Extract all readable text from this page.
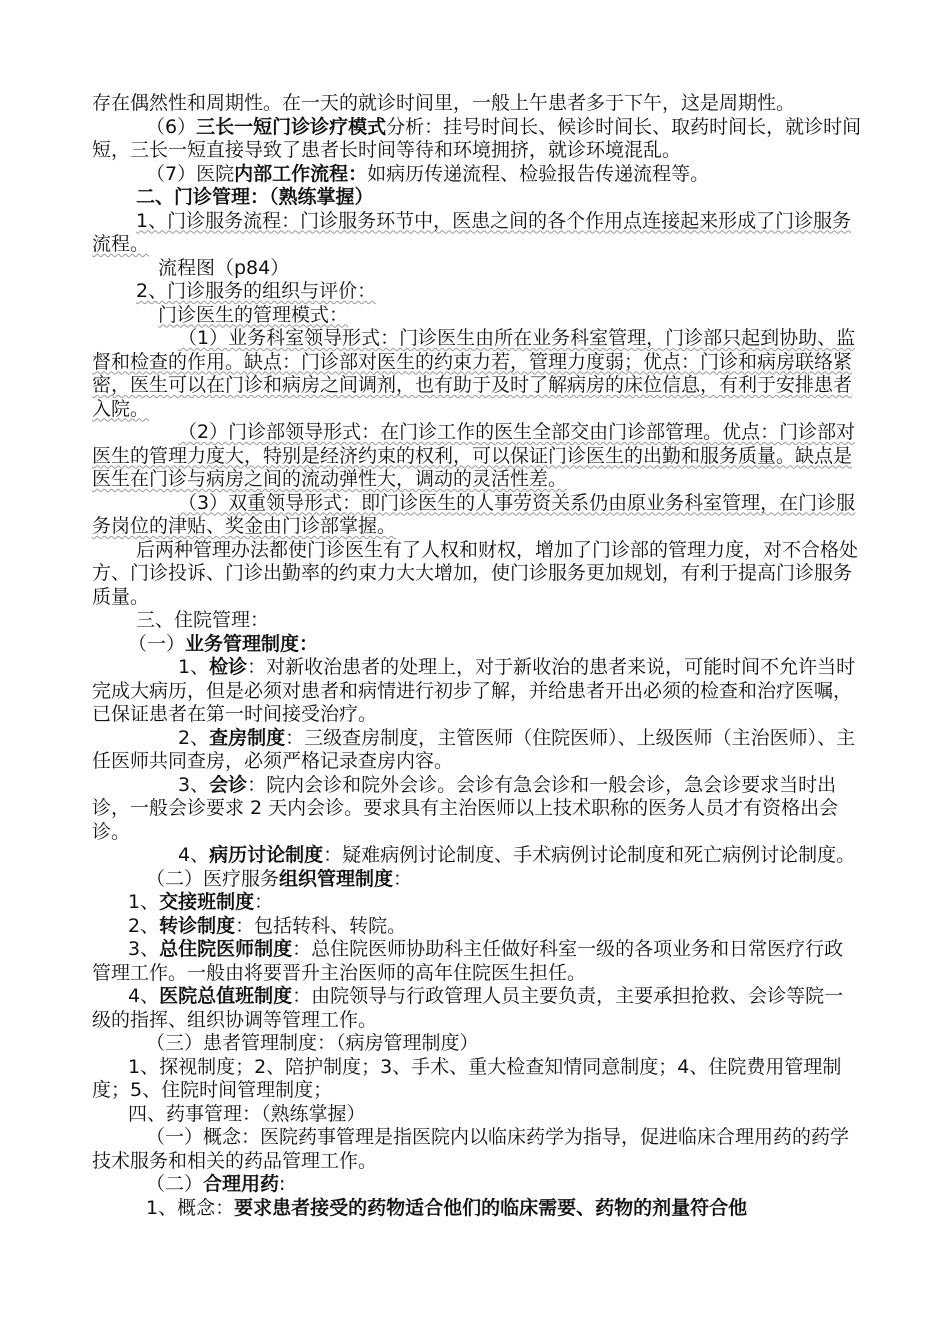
存在偶然性和周期性。在一天的就诊时间里，一般上午患者多于下午，这是周期性。

（6）三长一短门诊诊疗模式分析：挂号时间长、候诊时间长、取药时间长，就诊时间短，三长一短直接导致了患者长时间等待和环境拥挤，就诊环境混乱。

（7）医院内部工作流程：如病历传递流程、检验报告传递流程等。

二、门诊管理：（熟练掌握）

1、门诊服务流程：门诊服务环节中，医患之间的各个作用点连接起来形成了门诊服务流程。

流程图（p84）

2、门诊服务的组织与评价：

门诊医生的管理模式：

（1）业务科室领导形式：门诊医生由所在业务科室管理，门诊部只起到协助、监督和检查的作用。缺点：门诊部对医生的约束力若，管理力度弱；优点：门诊和病房联络紧密，医生可以在门诊和病房之间调剂，也有助于及时了解病房的床位信息，有利于安排患者入院。

（2）门诊部领导形式：在门诊工作的医生全部交由门诊部管理。优点：门诊部对医生的管理力度大，特别是经济约束的权利，可以保证门诊医生的出勤和服务质量。缺点是医生在门诊与病房之间的流动弹性大，调动的灵活性差。

（3）双重领导形式：即门诊医生的人事劳资关系仍由原业务科室管理，在门诊服务岗位的津贴、奖金由门诊部掌握。

后两种管理办法都使门诊医生有了人权和财权，增加了门诊部的管理力度，对不合格处方、门诊投诉、门诊出勤率的约束力大大增加，使门诊服务更加规划，有利于提高门诊服务质量。

三、住院管理：

（一）业务管理制度：

1、检诊：对新收治患者的处理上，对于新收治的患者来说，可能时间不允许当时完成大病历，但是必须对患者和病情进行初步了解，并给患者开出必须的检查和治疗医嘱，已保证患者在第一时间接受治疗。

2、查房制度：三级查房制度，主管医师（住院医师）、上级医师（主治医师）、主任医师共同查房，必须严格记录查房内容。

3、会诊：院内会诊和院外会诊。会诊有急会诊和一般会诊，急会诊要求当时出诊，一般会诊要求 2 天内会诊。要求具有主治医师以上技术职称的医务人员才有资格出会诊。

4、病历讨论制度：疑难病例讨论制度、手术病例讨论制度和死亡病例讨论制度。

（二）医疗服务组织管理制度：

1、交接班制度：

2、转诊制度：包括转科、转院。

3、总住院医师制度：总住院医师协助科主任做好科室一级的各项业务和日常医疗行政管理工作。一般由将要晋升主治医师的高年住院医生担任。

4、医院总值班制度：由院领导与行政管理人员主要负责，主要承担抢救、会诊等院一级的指挥、组织协调等管理工作。

（三）患者管理制度：（病房管理制度）

1、探视制度；2、陪护制度；3、手术、重大检查知情同意制度；4、住院费用管理制度；5、住院时间管理制度；

四、药事管理：（熟练掌握）

（一）概念：医院药事管理是指医院内以临床药学为指导，促进临床合理用药的药学技术服务和相关的药品管理工作。

（二）合理用药:

1、概念：要求患者接受的药物适合他们的临床需要、药物的剂量符合他
